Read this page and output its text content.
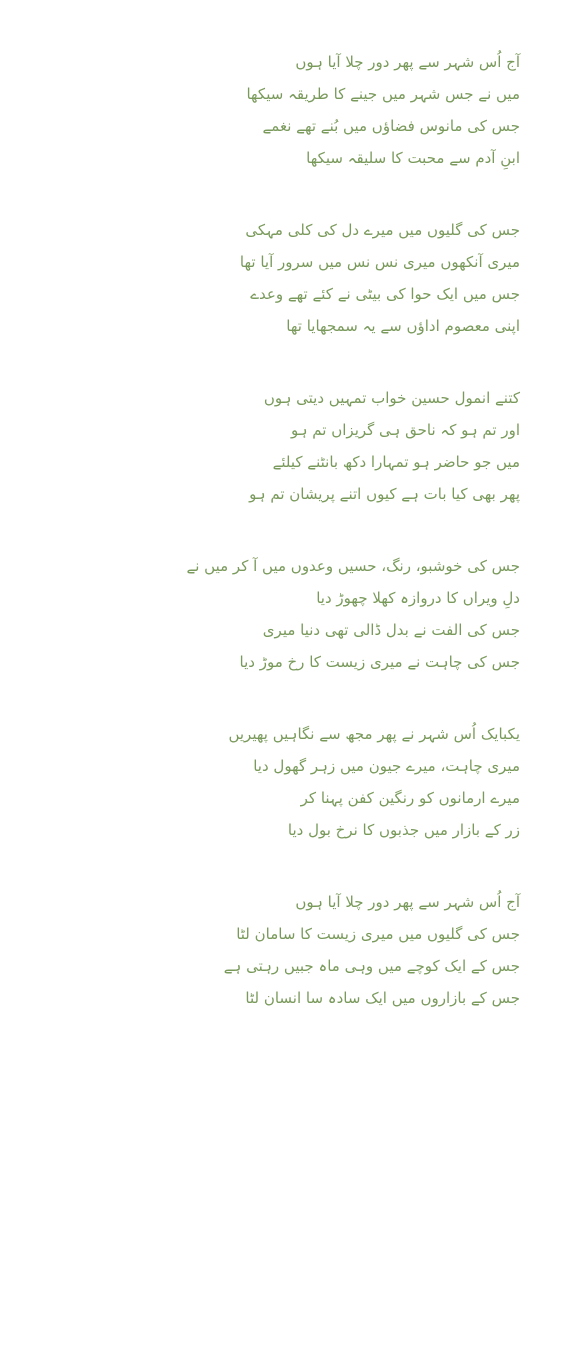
آج اُس شہر سے پھر دور چلا آیا ہوں
میں نے جس شہر میں جینے کا طریقہ سیکھا
جس کی مانوس فضاؤں میں بُنے تھے نغمے
ابنِ آدم سے محبت کا سلیقہ سیکھا
جس کی گلیوں میں میرے دل کی کلی مہکی
میری آنکھوں میری نس نس میں سرور آیا تھا
جس میں ایک حوا کی بیٹی نے کئے تھے وعدے
اپنی معصوم اداؤں سے یہ سمجھایا تھا
کتنے انمول حسین خواب تمہیں دیتی ہوں
اور تم ہو کہ ناحق ہی گریزاں تم ہو
میں جو حاضر ہو تمہارا دکھ بانٹنے کیلئے
پھر بھی کیا بات ہے کیوں اتنے پریشان تم ہو
جس کی خوشبو، رنگ، حسیں وعدوں میں آ کر میں نے
دلِ ویراں کا دروازہ کھلا چھوڑ دیا
جس کی الفت نے بدل ڈالی تھی دنیا میری
جس کی چاہت نے میری زیست کا رخ موڑ دیا
یکبایک اُس شہر نے پھر مجھ سے نگاہیں پھیریں
میری چاہت، میرے جیون میں زہر گھول دیا
میرے ارمانوں کو رنگین کفن پہنا کر
زر کے بازار میں جذبوں کا نرخ بول دیا
آج اُس شہر سے پھر دور چلا آیا ہوں
جس کی گلیوں میں میری زیست کا سامان لٹا
جس کے ایک کوچے میں وہی ماہ جبیں رہتی ہے
جس کے بازاروں میں ایک سادہ سا انسان لٹا
